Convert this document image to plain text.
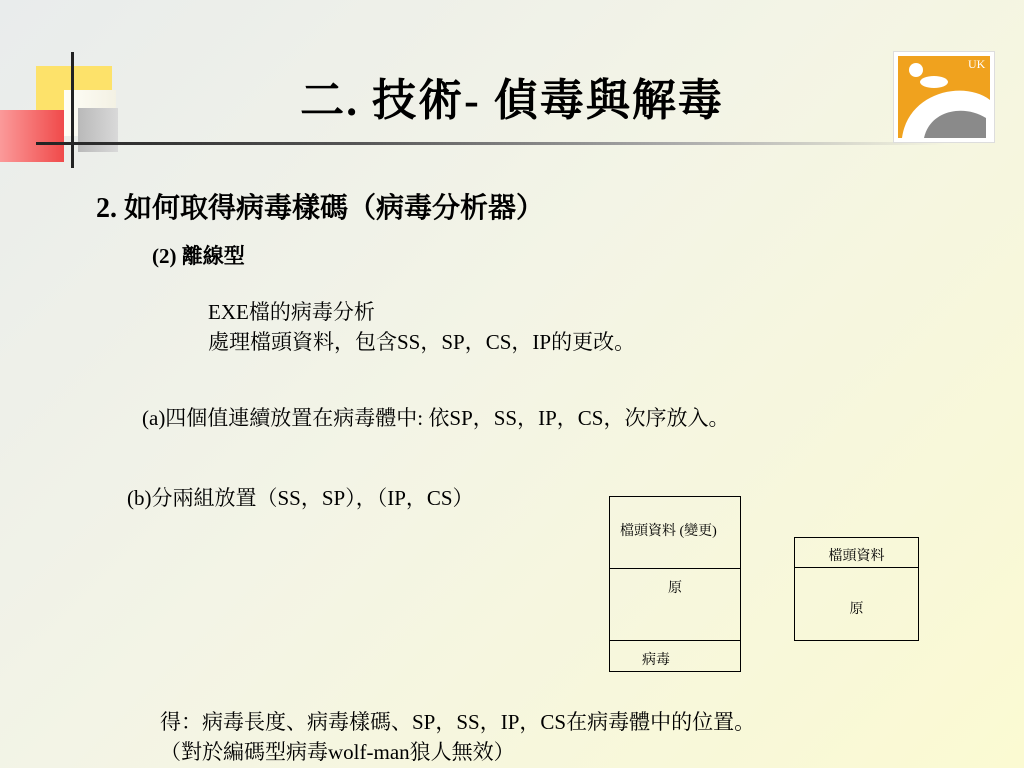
二. 技術- 偵毒與解毒
UK
2. 如何取得病毒樣碼（病毒分析器）
(2) 離線型
EXE檔的病毒分析
處理檔頭資料，包含SS，SP，CS，IP的更改。
(a)四個值連續放置在病毒體中: 依SP，SS，IP，CS，次序放入。
(b)分兩組放置（SS，SP），（IP，CS）
檔頭資料 (變更)
原
病毒
檔頭資料
原
得：病毒長度、病毒樣碼、SP，SS，IP，CS在病毒體中的位置。
（對於編碼型病毒wolf-man狼人無效）
